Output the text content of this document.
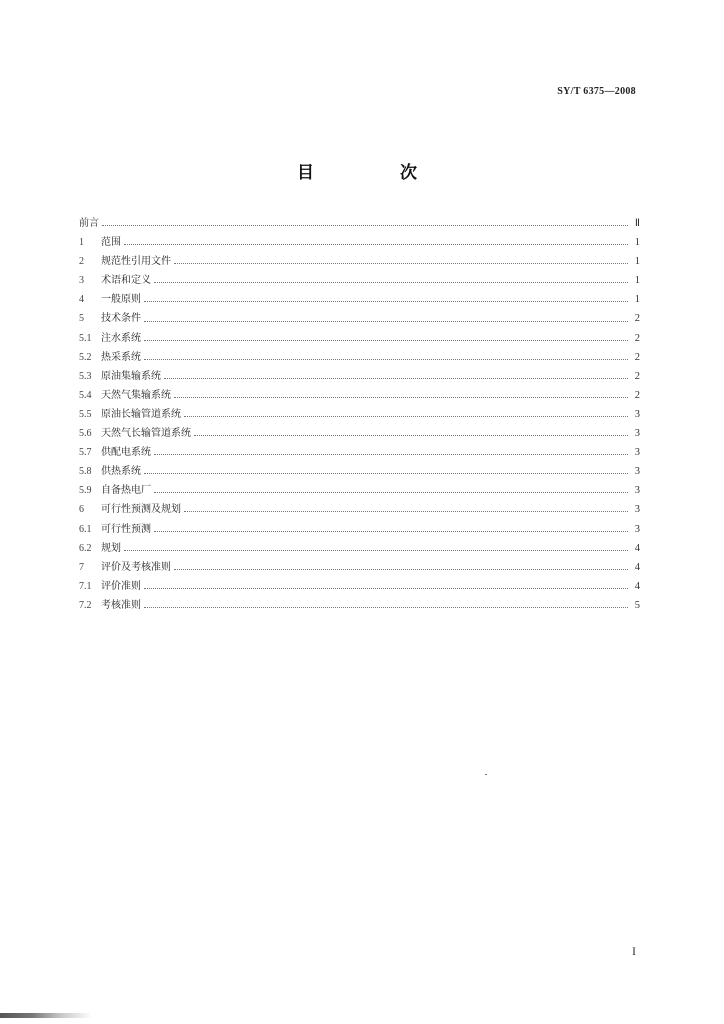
SY/T 6375—2008
目 次
前言	Ⅱ
1	范围	1
2	规范性引用文件	1
3	术语和定义	1
4	一般原则	1
5	技术条件	2
5.1 注水系统	2
5.2 热采系统	2
5.3 原油集输系统	2
5.4 天然气集输系统	2
5.5 原油长输管道系统	3
5.6 天然气长输管道系统	3
5.7 供配电系统	3
5.8 供热系统	3
5.9 自备热电厂	3
6	可行性预测及规划	3
6.1 可行性预测	3
6.2 规划	4
7	评价及考核准则	4
7.1 评价准则	4
7.2 考核准则	5
I
